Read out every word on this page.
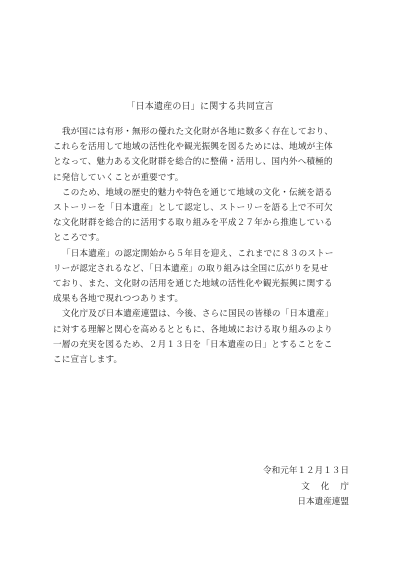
「日本遺産の日」に関する共同宣言

我が国には有形・無形の優れた文化財が各地に数多く存在しており、
これらを活用して地域の活性化や観光振興を図るためには、地域が主体
となって、魅力ある文化財群を総合的に整備・活用し、国内外へ積極的
に発信していくことが重要です。

このため、地域の歴史的魅力や特色を通じて地域の文化・伝統を語る
ストーリーを「日本遺産」として認定し、ストーリーを語る上で不可欠
な文化財群を総合的に活用する取り組みを平成２７年から推進している
ところです。

「日本遺産」の認定開始から５年目を迎え、これまでに８３のストー
リーが認定されるなど、「日本遺産」の取り組みは全国に広がりを見せ
ており、また、文化財の活用を通じた地域の活性化や観光振興に関する
成果も各地で現れつつあります。

文化庁及び日本遺産連盟は、今後、さらに国民の皆様の「日本遺産」
に対する理解と関心を高めるとともに、各地域における取り組みのより
一層の充実を図るため、２月１３日を「日本遺産の日」とすることをこ
こに宣言します。

令和元年１２月１３日
文化庁
日本遺産連盟
